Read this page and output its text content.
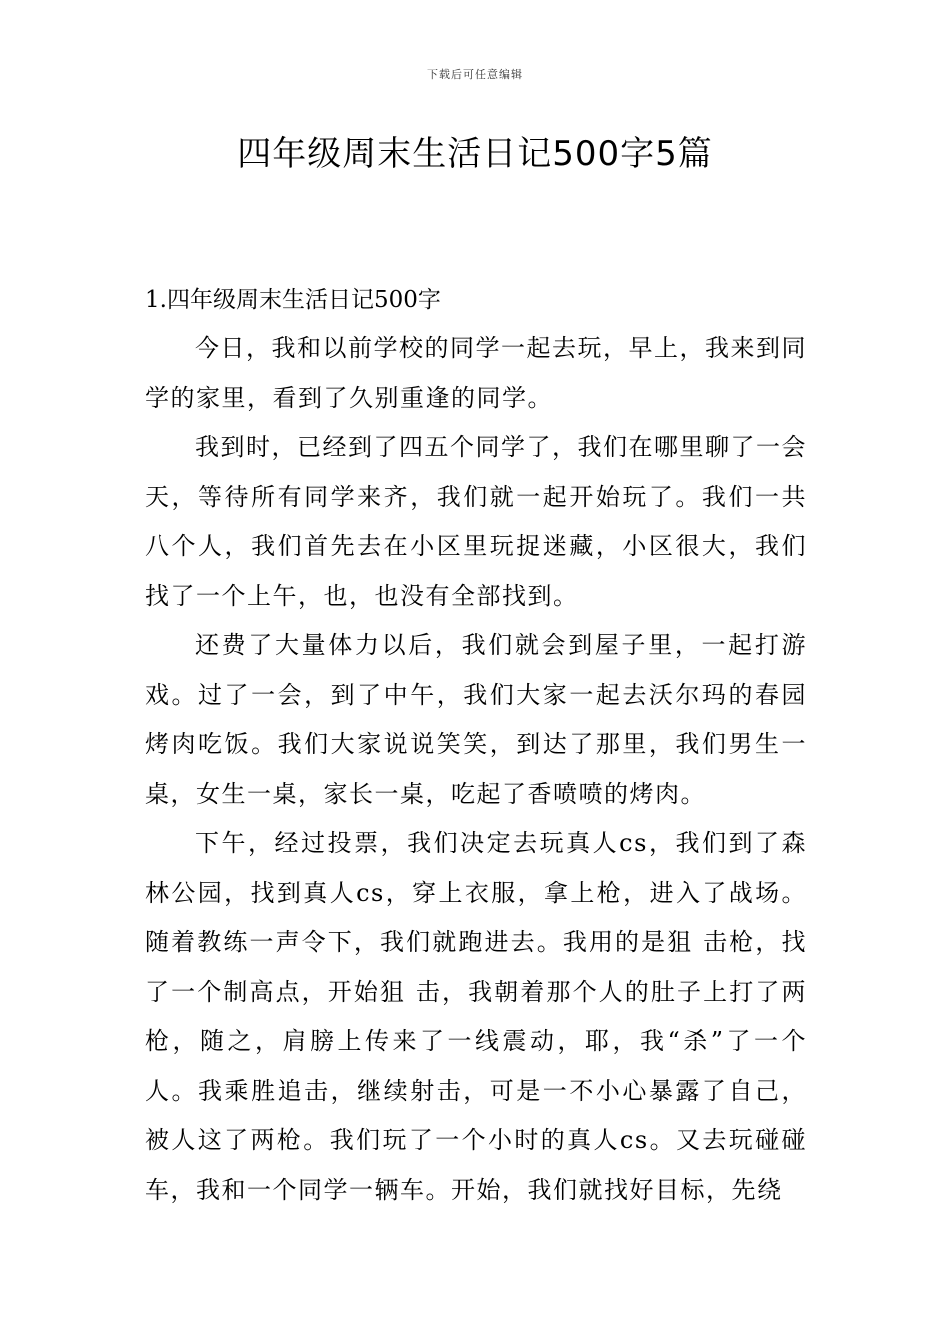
下载后可任意编辑
四年级周末生活日记500字5篇

1.四年级周末生活日记500字

今日，我和以前学校的同学一起去玩，早上，我来到同学的家里，看到了久别重逢的同学。

我到时，已经到了四五个同学了，我们在哪里聊了一会天，等待所有同学来齐，我们就一起开始玩了。我们一共八个人，我们首先去在小区里玩捉迷藏，小区很大，我们找了一个上午，也，也没有全部找到。

还费了大量体力以后，我们就会到屋子里，一起打游戏。过了一会，到了中午，我们大家一起去沃尔玛的春园烤肉吃饭。我们大家说说笑笑，到达了那里，我们男生一桌，女生一桌，家长一桌，吃起了香喷喷的烤肉。

下午，经过投票，我们决定去玩真人cs，我们到了森林公园，找到真人cs，穿上衣服，拿上枪，进入了战场。随着教练一声令下，我们就跑进去。我用的是狙 击枪，找了一个制高点，开始狙 击，我朝着那个人的肚子上打了两枪，随之，肩膀上传来了一线震动，耶，我“杀”了一个人。我乘胜追击，继续射击，可是一不小心暴露了自己，被人这了两枪。我们玩了一个小时的真人cs。又去玩碰碰车，我和一个同学一辆车。开始，我们就找好目标，先绕
